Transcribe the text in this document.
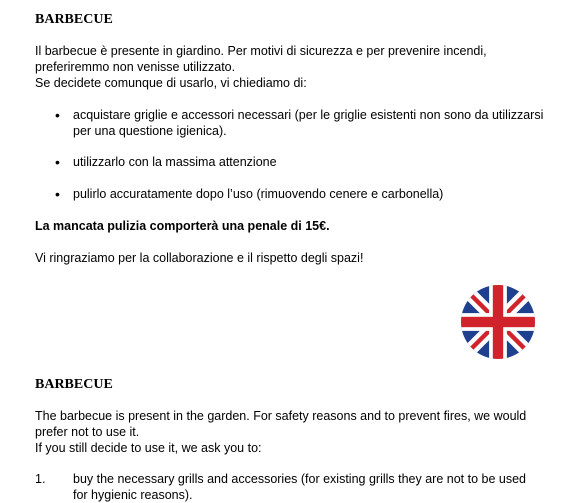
BARBECUE
Il barbecue è presente in giardino. Per motivi di sicurezza e per prevenire incendi, preferiremmo non venisse utilizzato.
Se decidete comunque di usarlo, vi chiediamo di:
•	acquistare griglie e accessori necessari (per le griglie esistenti non sono da utilizzarsi per una questione igienica).
•	utilizzarlo con la massima attenzione
•	pulirlo accuratamente dopo l’uso (rimuovendo cenere e carbonella)
La mancata pulizia comporterà una penale di 15€.
Vi ringraziamo per la collaborazione e il rispetto degli spazi!
BARBECUE
The barbecue is present in the garden. For safety reasons and to prevent fires, we would prefer not to use it.
If you still decide to use it, we ask you to:
1.	buy the necessary grills and accessories (for existing grills they are not to be used for hygienic reasons).
